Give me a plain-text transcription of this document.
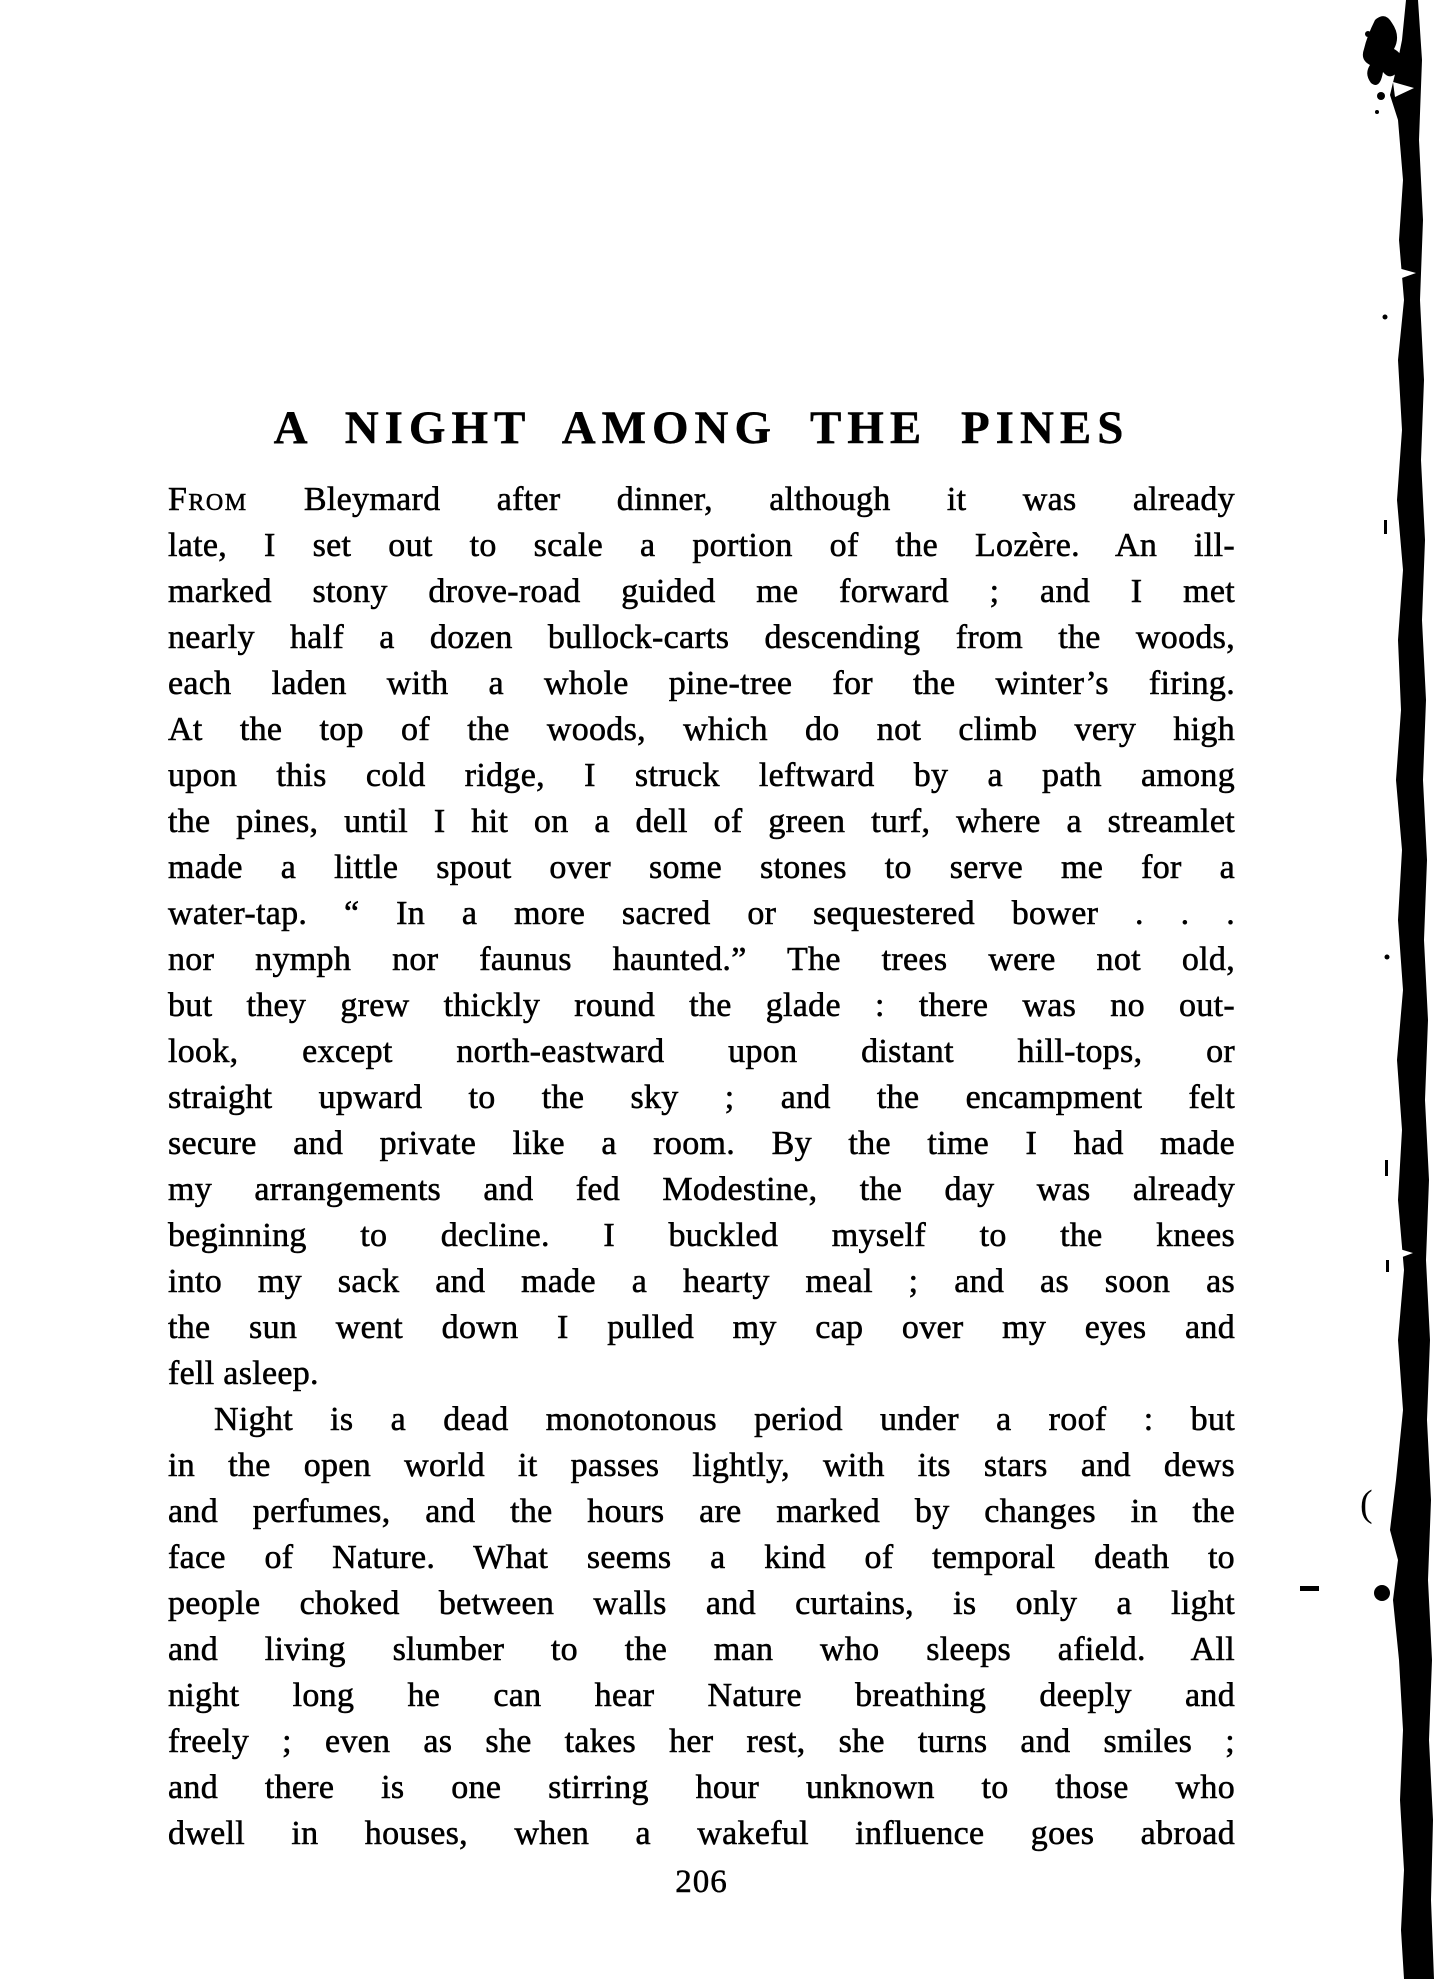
A NIGHT AMONG THE PINES
From Bleymard after dinner, although it was already
late, I set out to scale a portion of the Lozère. An ill-
marked stony drove-road guided me forward ; and I met
nearly half a dozen bullock-carts descending from the woods,
each laden with a whole pine-tree for the winter’s firing.
At the top of the woods, which do not climb very high
upon this cold ridge, I struck leftward by a path among
the pines, until I hit on a dell of green turf, where a streamlet
made a little spout over some stones to serve me for a
water-tap. “ In a more sacred or sequestered bower . . .
nor nymph nor faunus haunted.” The trees were not old,
but they grew thickly round the glade : there was no out-
look, except north-eastward upon distant hill-tops, or
straight upward to the sky ; and the encampment felt
secure and private like a room. By the time I had made
my arrangements and fed Modestine, the day was already
beginning to decline. I buckled myself to the knees
into my sack and made a hearty meal ; and as soon as
the sun went down I pulled my cap over my eyes and
fell asleep.
Night is a dead monotonous period under a roof : but
in the open world it passes lightly, with its stars and dews
and perfumes, and the hours are marked by changes in the
face of Nature. What seems a kind of temporal death to
people choked between walls and curtains, is only a light
and living slumber to the man who sleeps afield. All
night long he can hear Nature breathing deeply and
freely ; even as she takes her rest, she turns and smiles ;
and there is one stirring hour unknown to those who
dwell in houses, when a wakeful influence goes abroad
206
(
